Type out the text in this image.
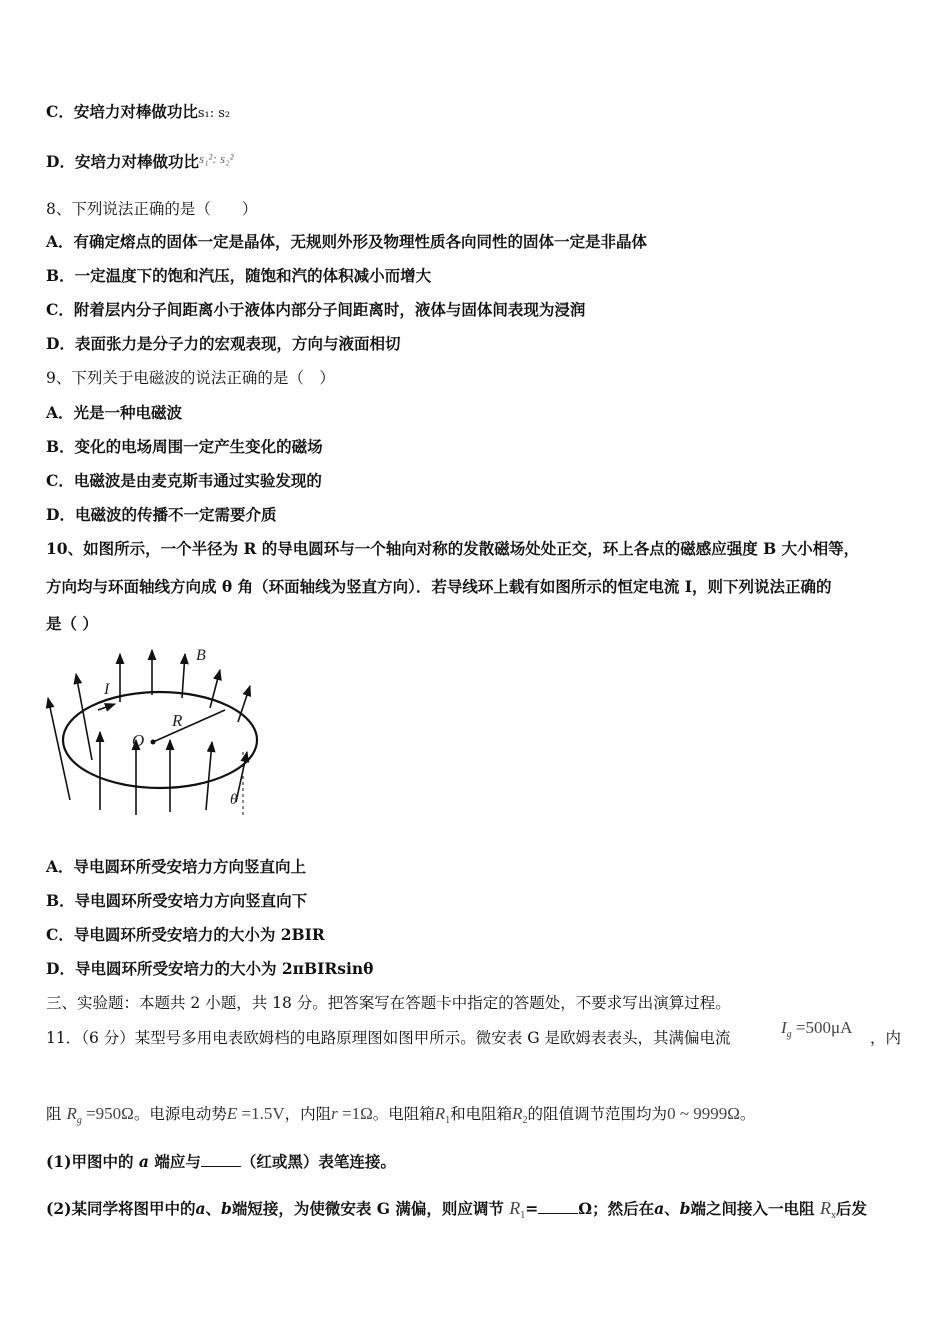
C．安培力对棒做功比s₁: s₂
D．安培力对棒做功比$^{s_1^2: s_2^2}$
8、下列说法正确的是（　　）
A．有确定熔点的固体一定是晶体，无规则外形及物理性质各向同性的固体一定是非晶体
B．一定温度下的饱和汽压，随饱和汽的体积减小而增大
C．附着层内分子间距离小于液体内部分子间距离时，液体与固体间表现为浸润
D．表面张力是分子力的宏观表现，方向与液面相切
9、下列关于电磁波的说法正确的是（　）
A．光是一种电磁波
B．变化的电场周围一定产生变化的磁场
C．电磁波是由麦克斯韦通过实验发现的
D．电磁波的传播不一定需要介质
10、如图所示，一个半径为 R 的导电圆环与一个轴向对称的发散磁场处处正交，环上各点的磁感应强度 B 大小相等，
方向均与环面轴线方向成 θ 角（环面轴线为竖直方向）．若导线环上载有如图所示的恒定电流 I，则下列说法正确的
是（ ）
B
I
R
O
θ
A．导电圆环所受安培力方向竖直向上
B．导电圆环所受安培力方向竖直向下
C．导电圆环所受安培力的大小为 2BIR
D．导电圆环所受安培力的大小为 2πBIRsinθ
三、实验题：本题共 2 小题，共 18 分。把答案写在答题卡中指定的答题处，不要求写出演算过程。
11．（6 分）某型号多用电表欧姆档的电路原理图如图甲所示。微安表 G 是欧姆表表头，其满偏电流
$I_g =500\mu A$
，内
阻 $R_g =950\Omega$。电源电动势E =1.5V，内阻r =1Ω。电阻箱$R_1$和电阻箱$R_2$的阻值调节范围均为0 ~ 9999Ω。
(1)甲图中的 a 端应与	（红或黑）表笔连接。
(2)某同学将图甲中的a、b端短接，为使微安表 G 满偏，则应调节 $R_1=$	Ω；然后在a、b端之间接入一电阻 $R_x$后发
